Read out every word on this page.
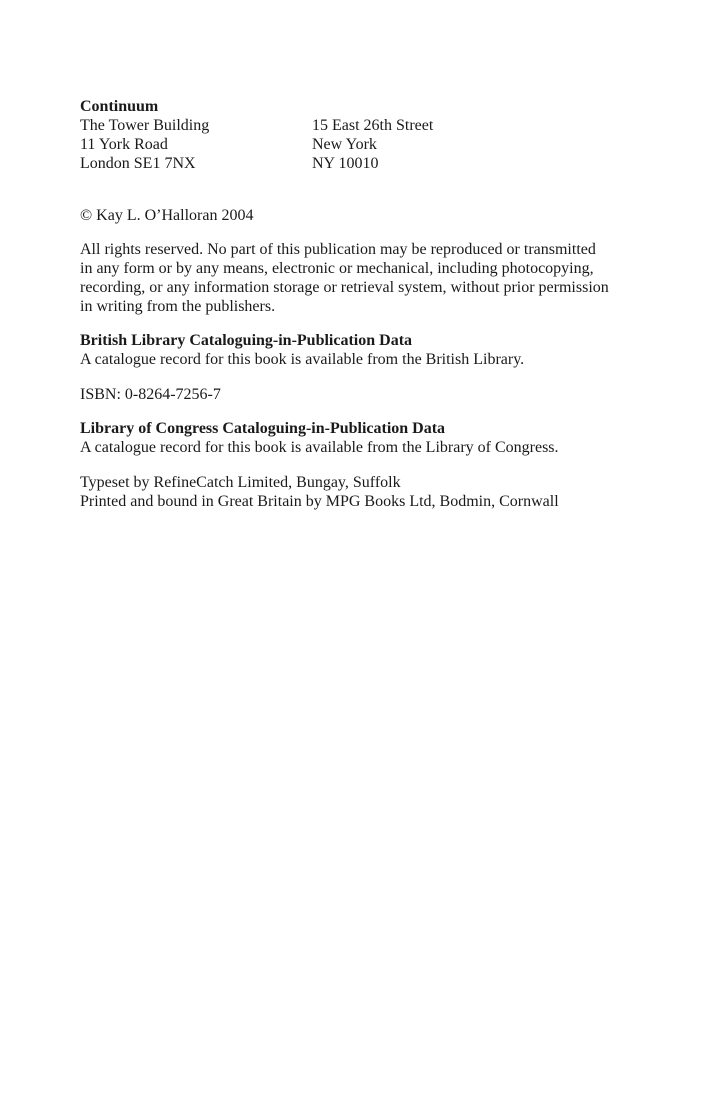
Continuum
The Tower Building
11 York Road
London SE1 7NX
15 East 26th Street
New York
NY 10010
© Kay L. O’Halloran 2004
All rights reserved. No part of this publication may be reproduced or transmitted
in any form or by any means, electronic or mechanical, including photocopying,
recording, or any information storage or retrieval system, without prior permission
in writing from the publishers.
British Library Cataloguing-in-Publication Data
A catalogue record for this book is available from the British Library.
ISBN: 0-8264-7256-7
Library of Congress Cataloguing-in-Publication Data
A catalogue record for this book is available from the Library of Congress.
Typeset by RefineCatch Limited, Bungay, Suffolk
Printed and bound in Great Britain by MPG Books Ltd, Bodmin, Cornwall
